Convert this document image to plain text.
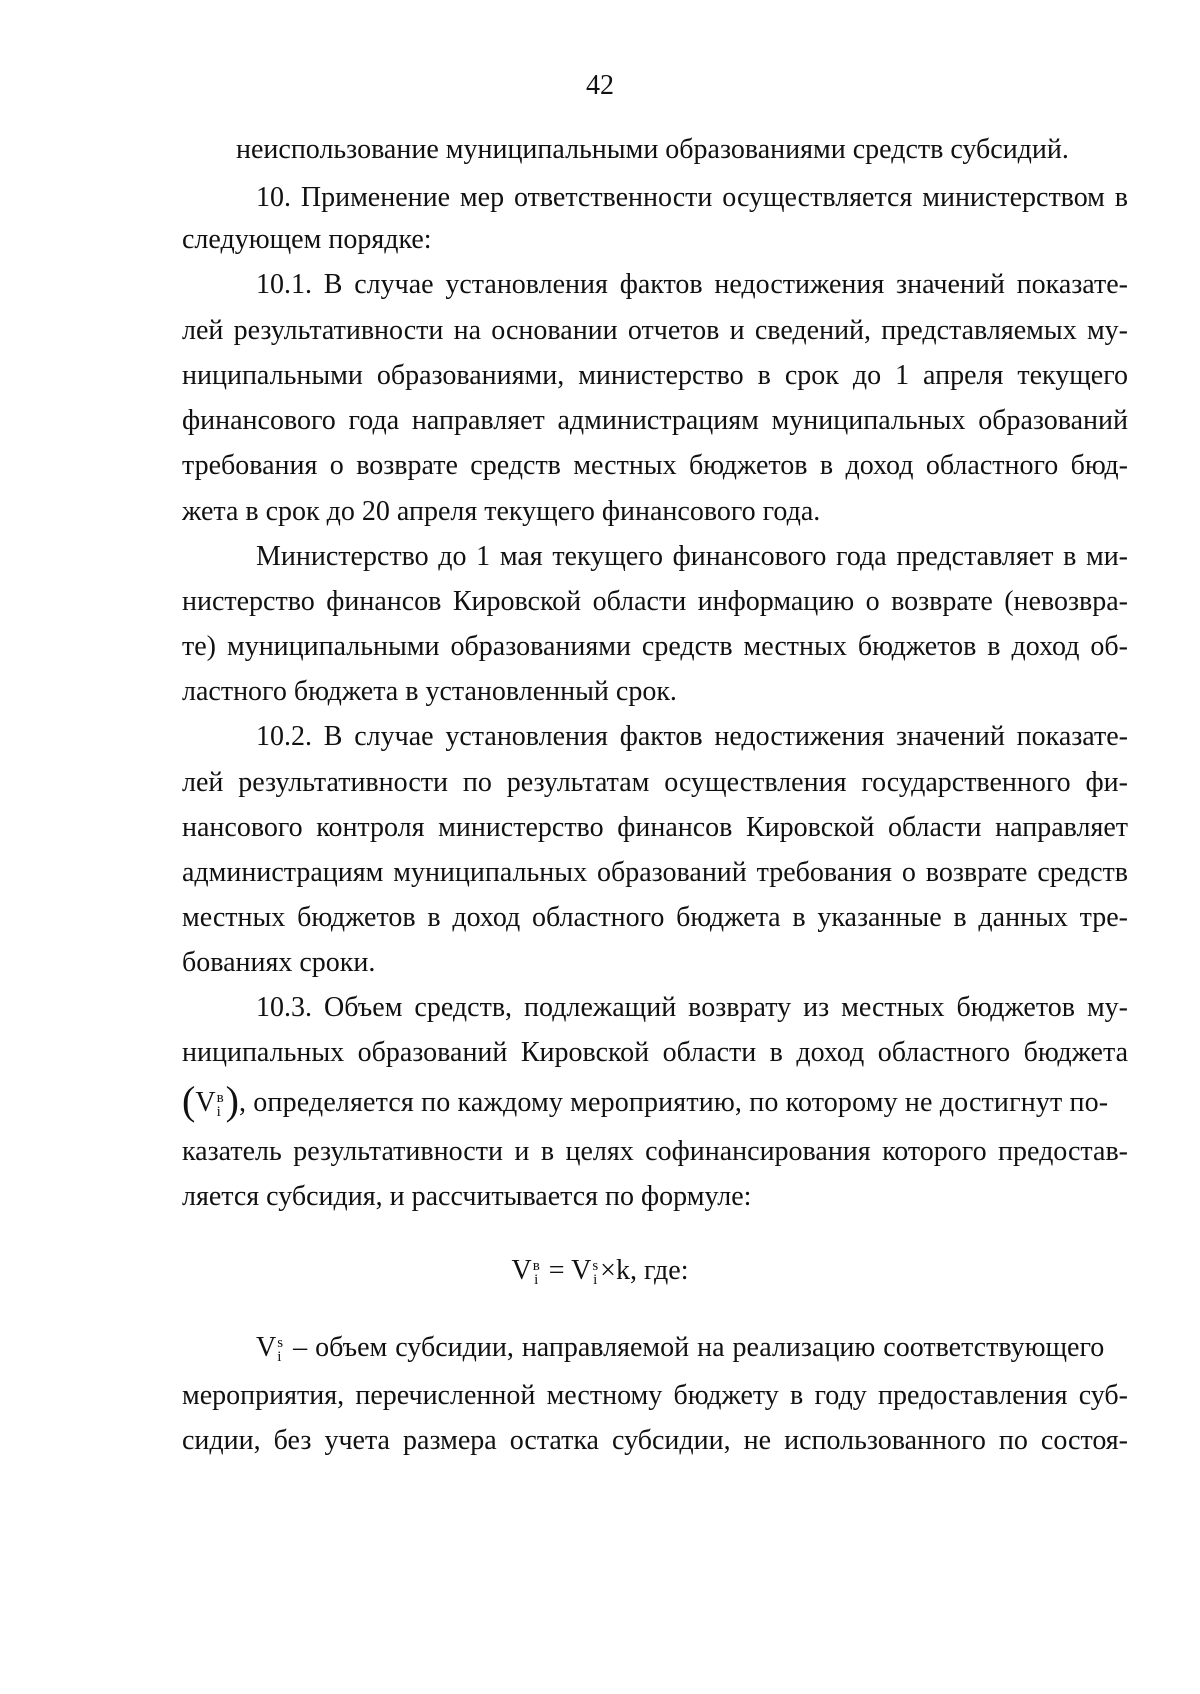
42
неиспользование муниципальными образованиями средств субсидий.
10. Применение мер ответственности осуществляется министерством в
следующем порядке:
10.1. В случае установления фактов недостижения значений показате-
лей результативности на основании отчетов и сведений, представляемых му-
ниципальными образованиями, министерство в срок до 1 апреля текущего
финансового года направляет администрациям муниципальных образований
требования о возврате средств местных бюджетов в доход областного бюд-
жета в срок до 20 апреля текущего финансового года.
Министерство до 1 мая текущего финансового года представляет в ми-
нистерство финансов Кировской области информацию о возврате (невозвра-
те) муниципальными образованиями средств местных бюджетов в доход об-
ластного бюджета в установленный срок.
10.2. В случае установления фактов недостижения значений показате-
лей результативности по результатам осуществления государственного фи-
нансового контроля министерство финансов Кировской области направляет
администрациям муниципальных образований требования о возврате средств
местных бюджетов в доход областного бюджета в указанные в данных тре-
бованиях сроки.
10.3. Объем средств, подлежащий возврату из местных бюджетов му-
ниципальных образований Кировской области в доход областного бюджета
(V в
i ), определяется по каждому мероприятию, по которому не достигнут по-
казатель результативности и в целях софинансирования которого предостав-
ляется субсидия, и рассчитывается по формуле:
V в
i = V s
i ×k, где:
V s
i – объем субсидии, направляемой на реализацию соответствующего
мероприятия, перечисленной местному бюджету в году предоставления суб-
сидии, без учета размера остатка субсидии, не использованного по состоя-
